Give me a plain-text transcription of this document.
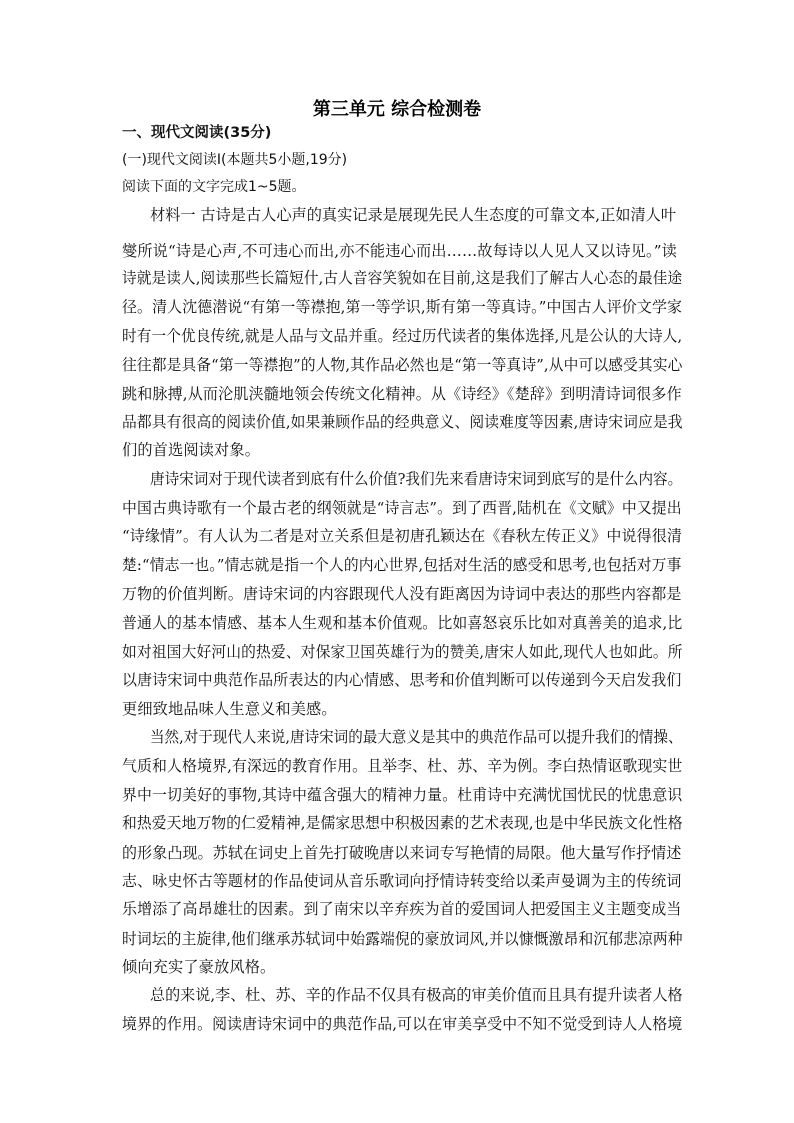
第三单元 综合检测卷
一、现代文阅读(35分)
(一)现代文阅读Ⅰ(本题共5小题,19分)
阅读下面的文字完成1~5题。
材料一 古诗是古人心声的真实记录是展现先民人生态度的可靠文本,正如清人叶
燮所说“诗是心声,不可违心而出,亦不能违心而出……故每诗以人见人又以诗见。”读
诗就是读人,阅读那些长篇短什,古人音容笑貌如在目前,这是我们了解古人心态的最佳途
径。清人沈德潜说“有第一等襟抱,第一等学识,斯有第一等真诗。”中国古人评价文学家
时有一个优良传统,就是人品与文品并重。经过历代读者的集体选择,凡是公认的大诗人,
往往都是具备“第一等襟抱”的人物,其作品必然也是“第一等真诗”,从中可以感受其实心
跳和脉搏,从而沦肌浃髓地领会传统文化精神。从《诗经》《楚辞》到明清诗词很多作
品都具有很高的阅读价值,如果兼顾作品的经典意义、阅读难度等因素,唐诗宋词应是我
们的首选阅读对象。
唐诗宋词对于现代读者到底有什么价值?我们先来看唐诗宋词到底写的是什么内容。
中国古典诗歌有一个最古老的纲领就是“诗言志”。到了西晋,陆机在《文赋》中又提出
“诗缘情”。有人认为二者是对立关系但是初唐孔颖达在《春秋左传正义》中说得很清
楚:“情志一也。”情志就是指一个人的内心世界,包括对生活的感受和思考,也包括对万事
万物的价值判断。唐诗宋词的内容跟现代人没有距离因为诗词中表达的那些内容都是
普通人的基本情感、基本人生观和基本价值观。比如喜怒哀乐比如对真善美的追求,比
如对祖国大好河山的热爱、对保家卫国英雄行为的赞美,唐宋人如此,现代人也如此。所
以唐诗宋词中典范作品所表达的内心情感、思考和价值判断可以传递到今天启发我们
更细致地品味人生意义和美感。
当然,对于现代人来说,唐诗宋词的最大意义是其中的典范作品可以提升我们的情操、
气质和人格境界,有深远的教育作用。且举李、杜、苏、辛为例。李白热情讴歌现实世
界中一切美好的事物,其诗中蕴含强大的精神力量。杜甫诗中充满忧国忧民的忧患意识
和热爱天地万物的仁爱精神,是儒家思想中积极因素的艺术表现,也是中华民族文化性格
的形象凸现。苏轼在词史上首先打破晚唐以来词专写艳情的局限。他大量写作抒情述
志、咏史怀古等题材的作品使词从音乐歌词向抒情诗转变给以柔声曼调为主的传统词
乐增添了高昂雄壮的因素。到了南宋以辛弃疾为首的爱国词人把爱国主义主题变成当
时词坛的主旋律,他们继承苏轼词中始露端倪的豪放词风,并以慷慨激昂和沉郁悲凉两种
倾向充实了豪放风格。
总的来说,李、杜、苏、辛的作品不仅具有极高的审美价值而且具有提升读者人格
境界的作用。阅读唐诗宋词中的典范作品,可以在审美享受中不知不觉受到诗人人格境
